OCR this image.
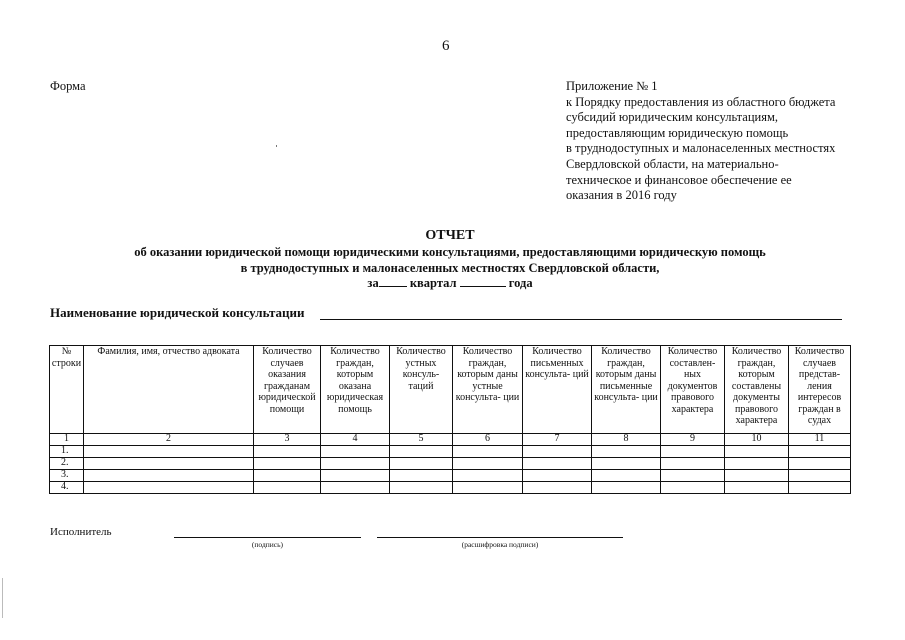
6
Форма	Приложение № 1
к Порядку предоставления из областного бюджета
субсидий юридическим консультациям,
предоставляющим юридическую помощь
в труднодоступных и малонаселенных местностях
Свердловской области, на материально-
техническое и финансовое обеспечение ее
оказания в 2016 году
ОТЧЕТ
об оказании юридической помощи юридическими консультациями, предоставляющими юридическую помощь
в труднодоступных и малонаселенных местностях Свердловской области,
за квартал	года
Наименование юридической консультации
№ строки	Фамилия, имя, отчество адвоката	Количество случаев оказания гражданам юридической помощи	Количество граждан, которым оказана юридическая помощь	Количество устных консуль- таций	Количество граждан, которым даны устные консульта- ции	Количество письменных консульта- ций	Количество граждан, которым даны письменные консульта- ции	Количество составлен- ных документов правового характера	Количество граждан, которым составлены документы правового характера	Количество случаев представ- ления интересов граждан в судах
1	2	3	4	5	6	7	8	9	10	11
1.										
2.										
3.										
4.										
Исполнитель
(подпись)	(расшифровка подписи)
